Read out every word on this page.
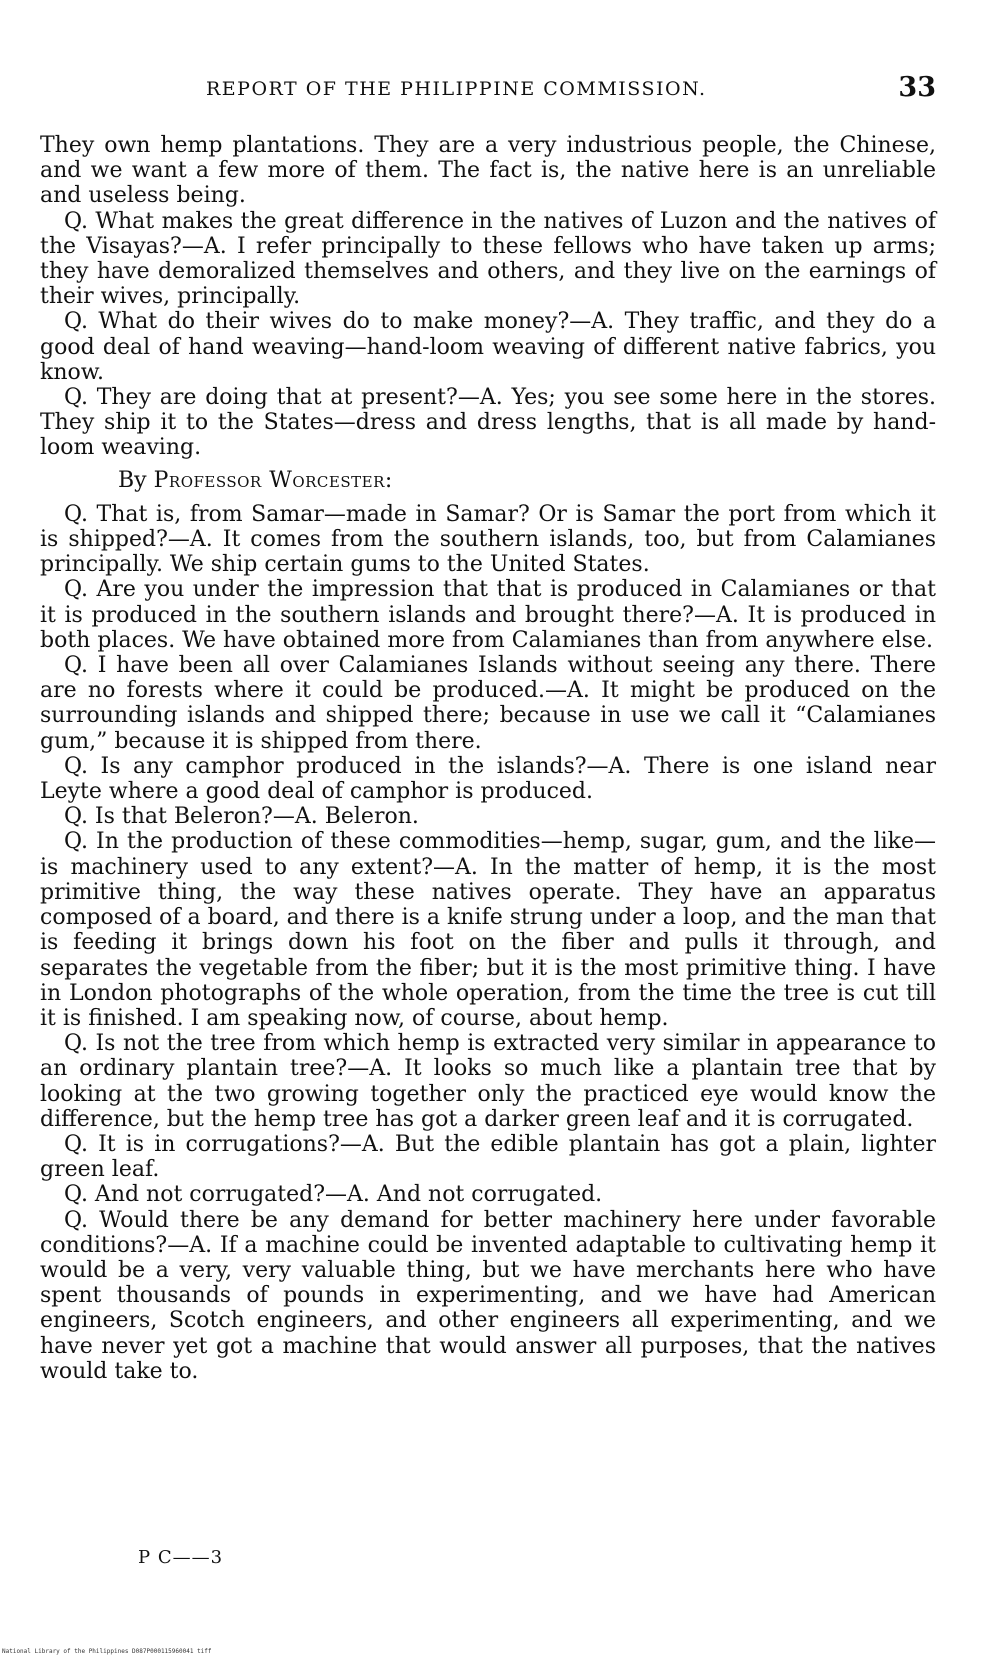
REPORT OF THE PHILIPPINE COMMISSION.	33

They own hemp plantations. They are a very industrious people, the Chinese, and we want a few more of them. The fact is, the native here is an unreliable and useless being.

Q. What makes the great difference in the natives of Luzon and the natives of the Visayas?—A. I refer principally to these fellows who have taken up arms; they have demoralized themselves and others, and they live on the earnings of their wives, principally.

Q. What do their wives do to make money?—A. They traffic, and they do a good deal of hand weaving—hand-loom weaving of different native fabrics, you know.

Q. They are doing that at present?—A. Yes; you see some here in the stores. They ship it to the States—dress and dress lengths, that is all made by hand-loom weaving.

By Professor Worcester:

Q. That is, from Samar—made in Samar? Or is Samar the port from which it is shipped?—A. It comes from the southern islands, too, but from Calamianes principally. We ship certain gums to the United States.

Q. Are you under the impression that that is produced in Calamianes or that it is produced in the southern islands and brought there?—A. It is produced in both places. We have obtained more from Calamianes than from anywhere else.

Q. I have been all over Calamianes Islands without seeing any there. There are no forests where it could be produced.—A. It might be produced on the surrounding islands and shipped there; because in use we call it “Calamianes gum,” because it is shipped from there.

Q. Is any camphor produced in the islands?—A. There is one island near Leyte where a good deal of camphor is produced.

Q. Is that Beleron?—A. Beleron.

Q. In the production of these commodities—hemp, sugar, gum, and the like—is machinery used to any extent?—A. In the matter of hemp, it is the most primitive thing, the way these natives operate. They have an apparatus composed of a board, and there is a knife strung under a loop, and the man that is feeding it brings down his foot on the fiber and pulls it through, and separates the vegetable from the fiber; but it is the most primitive thing. I have in London photographs of the whole operation, from the time the tree is cut till it is finished. I am speaking now, of course, about hemp.

Q. Is not the tree from which hemp is extracted very similar in appearance to an ordinary plantain tree?—A. It looks so much like a plantain tree that by looking at the two growing together only the practiced eye would know the difference, but the hemp tree has got a darker green leaf and it is corrugated.

Q. It is in corrugations?—A. But the edible plantain has got a plain, lighter green leaf.

Q. And not corrugated?—A. And not corrugated.

Q. Would there be any demand for better machinery here under favorable conditions?—A. If a machine could be invented adaptable to cultivating hemp it would be a very, very valuable thing, but we have merchants here who have spent thousands of pounds in experimenting, and we have had American engineers, Scotch engineers, and other engineers all experimenting, and we have never yet got a machine that would answer all purposes, that the natives would take to.

P C——3
National Library of the Philippines D087P000115960041 tiff
